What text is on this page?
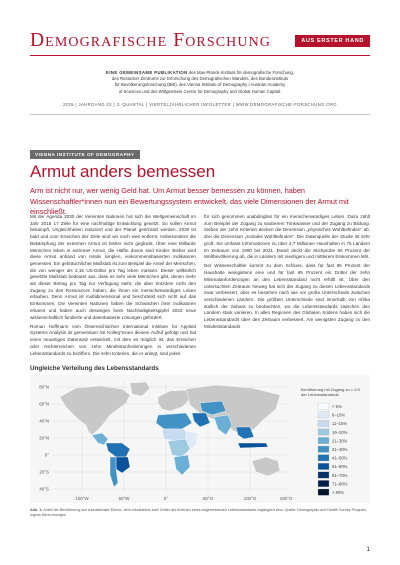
Demografische Forschung	AUS ERSTER HAND
EINE GEMEINSAME PUBLIKATION des Max-Planck-Instituts für demografische Forschung,
des Rostocker Zentrums zur Erforschung des Demografischen Wandels, des Bundesinstituts
für Bevölkerungsforschung (BiB), des Vienna Institute of Demography / Austrian Academy
of Sciences und des Wittgenstein Centre for Demography and Global Human Capital.
2025 | JAHRGANG 22 | 3. QUARTAL | VIERTELJÄHRLICHER INFOLETTER | WWW.DEMOGRAFISCHE-FORSCHUNG.ORG
VIENNA INSTITUTE OF DEMOGRAPHY
Armut anders bemessen

Arm ist nicht nur, wer wenig Geld hat. Um Armut besser bemessen zu können, haben Wissenschaftler*innen nun ein Bewertungssystem entwickelt, das viele Dimensionen der Armut mit einschließt.

Mit der Agenda 2030 der Vereinten Nationen hat sich die Weltgemeinschaft im Jahr 2015 17 Ziele für eine nachhaltige Entwicklung gesetzt. So sollen Armut bekämpft, Ungleichheiten reduziert und der Planet geschützt werden. 2030 ist bald und vom Erreichen der Ziele sind wir noch weit entfernt. Insbesondere die Bekämpfung der extremen Armut ist bisher nicht geglückt. Über eine Milliarde Menschen leben in extremer Armut, die Hälfte davon sind Kinder. Bisher wird diese Armut anhand von relativ simplen, einkommensbasierten Indikatoren gemessen. Ein gebräuchlicher Maßstab ist zum Beispiel die Anteil der Menschen, die von weniger als 2,15 US-Dollar pro Tag leben müssen. Dieser willkürlich gesetzte Maßstab bedeutet aus, dass es sehr viele Menschen gibt, denen mehr als dieser Betrag pro Tag zur Verfügung steht, die aber trotzdem nicht den Zugang zu den Ressourcen haben, die ihnen ein menschenwürdiges Leben erlauben. Denn Armut ist multidimensional und beschränkt sich nicht auf das Einkommen. Die Vereinten Nationen haben die Schwächen ihrer Indikatoren erkannt und haben auch deswegen beim Nachhaltigkeitsgipfel 2023 neue wissenschaftlich fundierte und datenbasierte Lösungen gefordert.

Roman Hoffmann vom Österreichischen International Institute for Applied Systems Analysis ist gemeinsam mit Kolleg*innen diesem Aufruf gefolgt und hat einen neuartigen Datensatz entwickelt, mit dem es möglich ist, das Erreichen oder Nichterreichen von zehn Mindestanforderungen in verschiedenen Lebensstandards zu beziffern. Die zehn Kriterien, die er anlegt, sind jedes

für sich genommen unabdingbar für ein menschenwürdiges Leben. Dazu zählt zum Beispiel der Zugang zu sauberem Trinkwasser und der Zugang zu Bildung. Sieben der zehn Kriterien decken die Dimension „physisches Wohlbefinden“ ab, drei die Dimension „soziales Wohlbefinden“. Die Datenquelle der Studie ist sehr groß: Sie umfasst Informationen zu über 4,7 Millionen Haushalten in 75 Ländern im Zeitraum von 1990 bis 2021. Damit deckt die Stichprobe 66 Prozent der Weltbevölkerung ab, die in Ländern mit niedrigem und mittlerem Einkommen lebt.

Der Wissenschaftler kommt zu dem Schluss, dass für fast 95 Prozent der Haushalte weingistens eine und für fast 65 Prozent ein Drittel der zehn Minimalanforderungen an den Lebensstandard nicht erfüllt ist. Über den untersuchten Zeitraum hinweg hat sich der Zugang zu diesen Lebensstandards zwar verbessert, aber es bestehen nach wie vor große Unterschiede zwischen verschiedenen Ländern. Die größten Unterschiede sind innerhalb von Afrika südlich der Sahara zu beobachten, wo die Lebensstandards zwischen den Ländern stark variieren. In allen Regionen des Globalen Südens haben sich die Lebensstandards über den Zeitraum verbessert. Am wenigsten Zugang zu den Mindeststandards

Ungleiche Verteilung des Lebensstandards
80°N
60°N
40°N
20°N
0°
20°S
40°S
100°W	50°W	0°	50°O	100°O	150°O
Bevölkerung mit Zugang zu > 2/3
der Lebensstandards
< 5%
6–10%
11–15%
16–20%
21–30%
31–40%
41–50%
51–60%
61–70%
71–80%
> 80%
Abb. 1: Anteil der Bevölkerung auf subnationaler Ebene, dem mindestens zwei Drittel der Kriterien eines angemessenen Lebensstandards zugänglich sind. Quelle: Demographic and Health Survey Program, eigene Berechnungen
1
